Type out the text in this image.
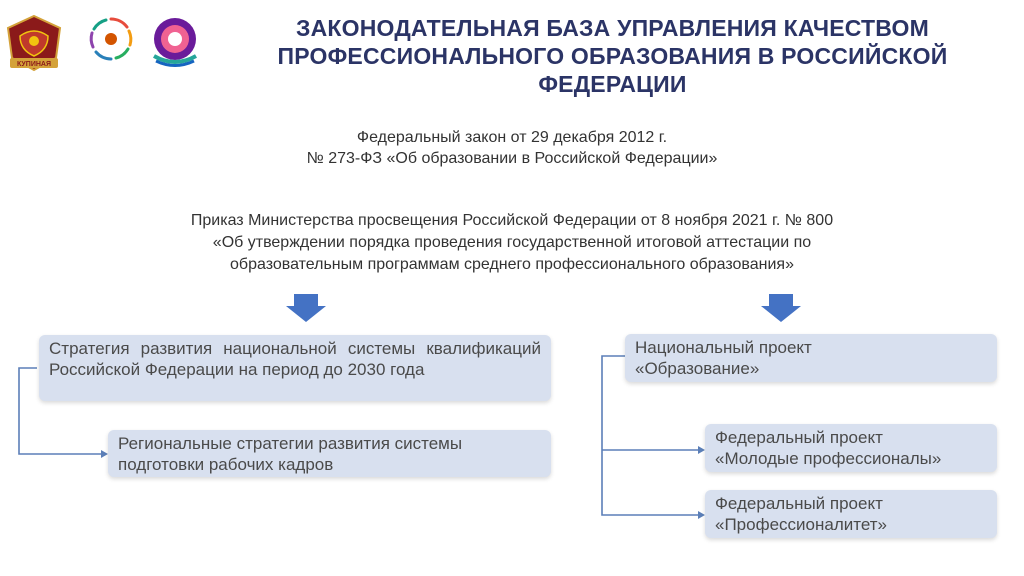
КУПИНАЯ
ЗАКОНОДАТЕЛЬНАЯ БАЗА УПРАВЛЕНИЯ КАЧЕСТВОМ
ПРОФЕССИОНАЛЬНОГО ОБРАЗОВАНИЯ В РОССИЙСКОЙ ФЕДЕРАЦИИ
Федеральный закон от 29 декабря 2012 г.
№ 273-ФЗ «Об образовании в Российской Федерации»
Приказ Министерства просвещения Российской Федерации от 8 ноября 2021 г. № 800
«Об утверждении порядка проведения государственной итоговой аттестации по
образовательным программам среднего профессионального образования»
Стратегия развития национальной системы квалификаций Российской Федерации на период до 2030 года
Региональные стратегии развития системы подготовки рабочих кадров
Национальный проект
«Образование»
Федеральный проект
«Молодые профессионалы»
Федеральный проект
«Профессионалитет»
